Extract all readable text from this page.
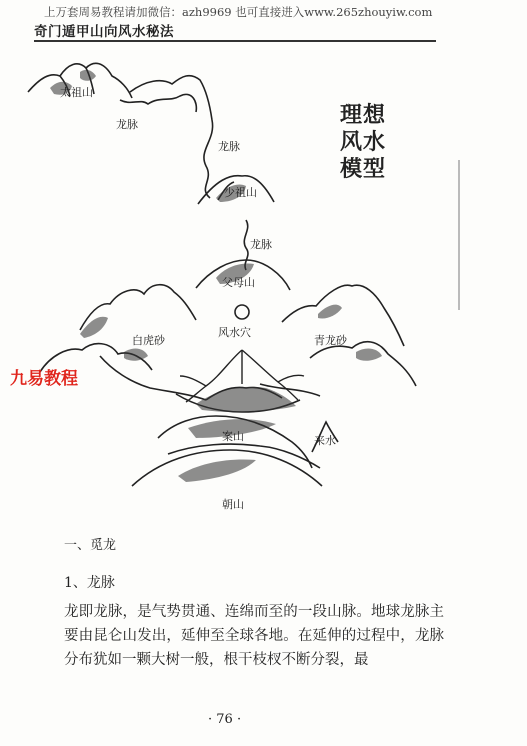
上万套周易教程请加微信：azh9969 也可直接进入www.265zhouyiw.com
奇门遁甲山向风水秘法
太祖山
龙脉
龙脉
少祖山
龙脉
父母山
白虎砂
风水穴
青龙砂
案山	来水
朝山
理想
风水
模型
九易教程
一、觅龙
1、龙脉
龙即龙脉，是气势贯通、连绵而至的一段山脉。地球龙脉主要由昆仑山发出，延伸至全球各地。在延伸的过程中，龙脉分布犹如一颗大树一般，根干枝杈不断分裂，最
· 76 ·
